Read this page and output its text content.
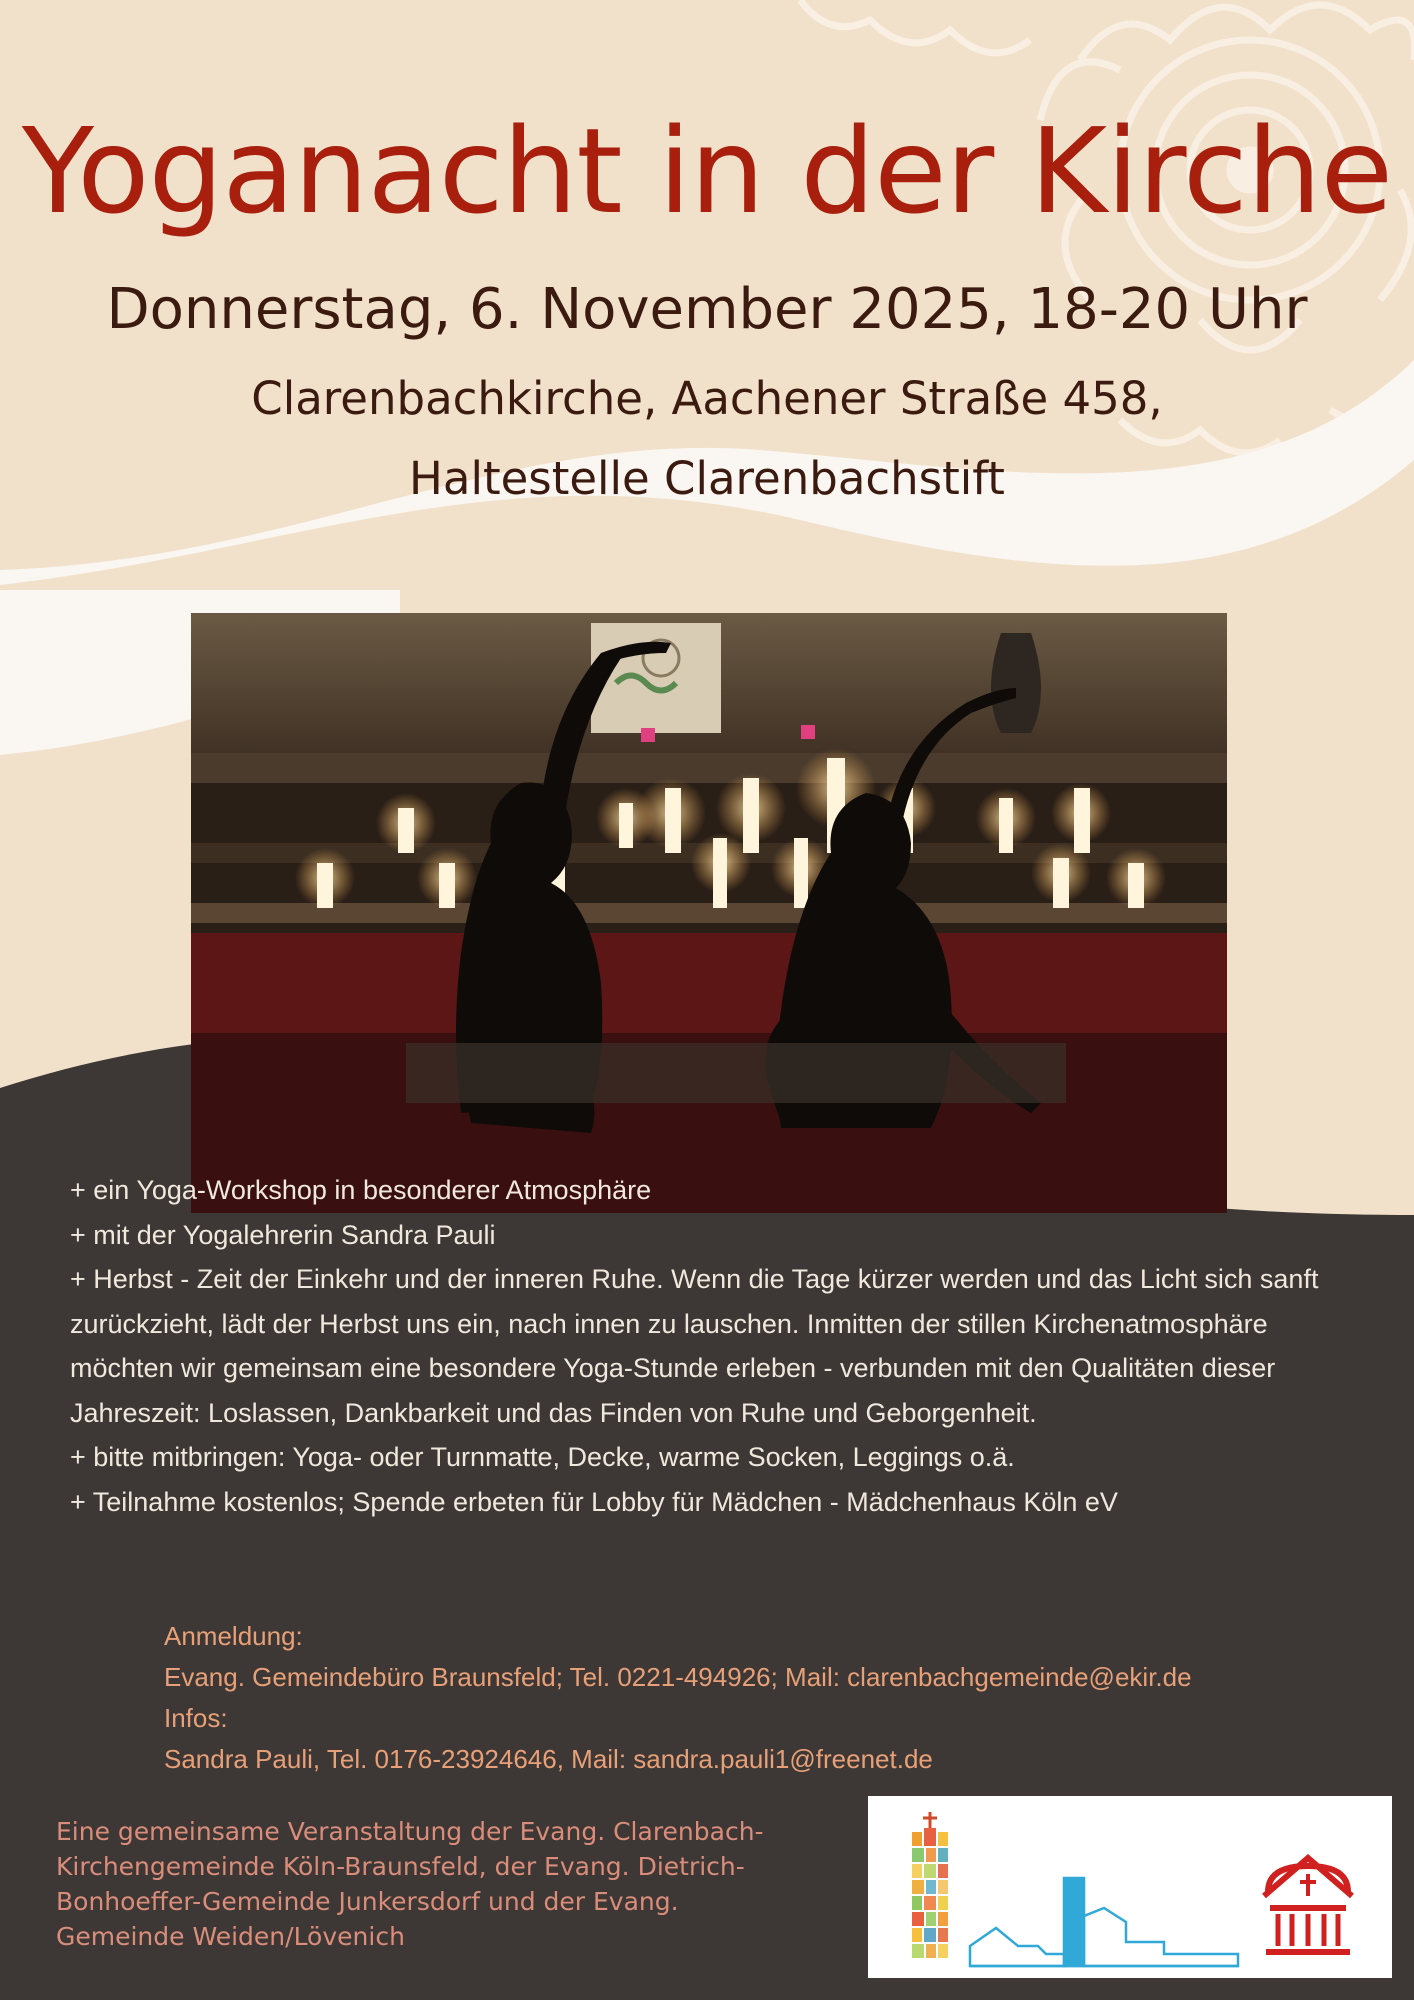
Yoganacht in der Kirche
Donnerstag, 6. November 2025, 18-20 Uhr
Clarenbachkirche, Aachener Straße 458,
Haltestelle Clarenbachstift

+ ein Yoga-Workshop in besonderer Atmosphäre

+ mit der Yogalehrerin Sandra Pauli

+ Herbst - Zeit der Einkehr und der inneren Ruhe. Wenn die Tage kürzer werden und das Licht sich sanft zurückzieht, lädt der Herbst uns ein, nach innen zu lauschen. Inmitten der stillen Kirchenatmosphäre möchten wir gemeinsam eine besondere Yoga-Stunde erleben - verbunden mit den Qualitäten dieser Jahreszeit: Loslassen, Dankbarkeit und das Finden von Ruhe und Geborgenheit.

+ bitte mitbringen: Yoga- oder Turnmatte, Decke, warme Socken, Leggings o.ä.

+ Teilnahme kostenlos; Spende erbeten für Lobby für Mädchen - Mädchenhaus Köln eV

Anmeldung:

Evang. Gemeindebüro Braunsfeld; Tel. 0221-494926; Mail: clarenbachgemeinde@ekir.de

Infos:

Sandra Pauli, Tel. 0176-23924646, Mail: sandra.pauli1@freenet.de

Eine gemeinsame Veranstaltung der Evang. Clarenbach-Kirchengemeinde Köln-Braunsfeld, der Evang. Dietrich-Bonhoeffer-Gemeinde Junkersdorf und der Evang. Gemeinde Weiden/Lövenich
